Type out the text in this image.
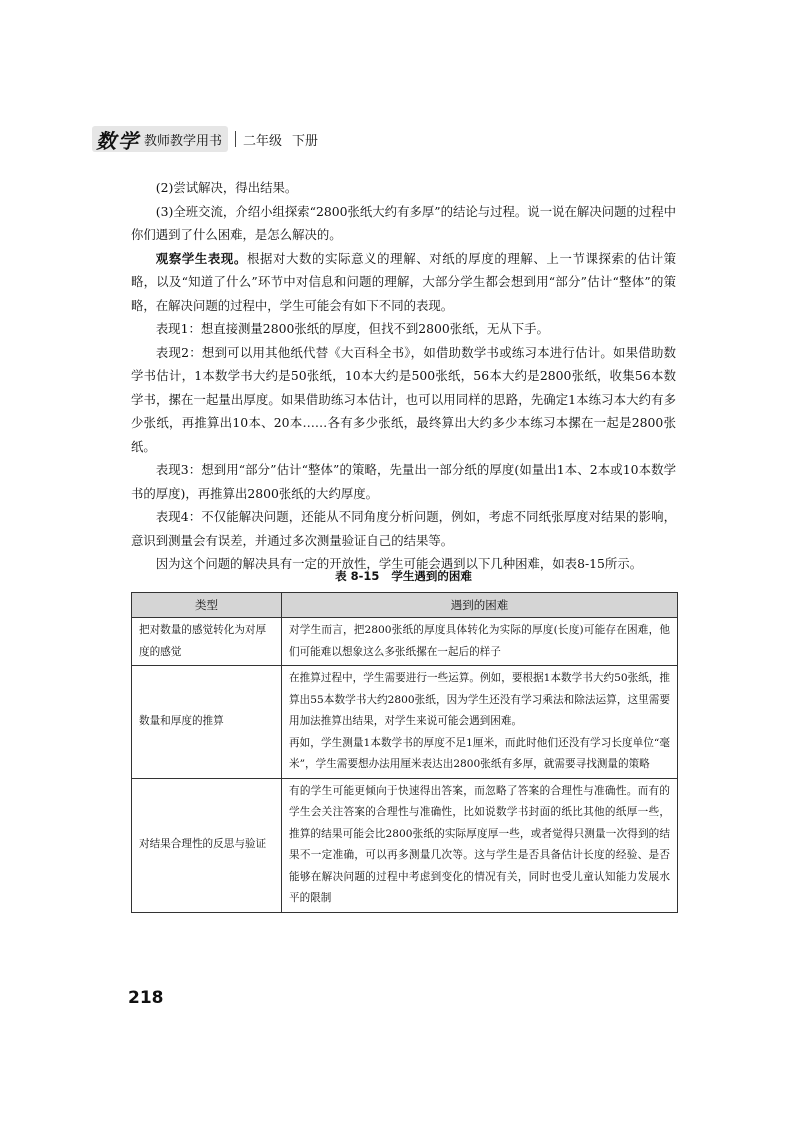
数 学 教师教学用书 二年级 下册

(2)尝试解决，得出结果。

(3)全班交流，介绍小组探索“2800张纸大约有多厚”的结论与过程。说一说在解决问题的过程中你们遇到了什么困难，是怎么解决的。

观察学生表现。根据对大数的实际意义的理解、对纸的厚度的理解、上一节课探索的估计策略，以及“知道了什么”环节中对信息和问题的理解，大部分学生都会想到用“部分”估计“整体”的策略，在解决问题的过程中，学生可能会有如下不同的表现。

表现1：想直接测量2800张纸的厚度，但找不到2800张纸，无从下手。

表现2：想到可以用其他纸代替《大百科全书》，如借助数学书或练习本进行估计。如果借助数学书估计，1本数学书大约是50张纸，10本大约是500张纸，56本大约是2800张纸，收集56本数学书，摞在一起量出厚度。如果借助练习本估计，也可以用同样的思路，先确定1本练习本大约有多少张纸，再推算出10本、20本……各有多少张纸，最终算出大约多少本练习本摞在一起是2800张纸。

表现3：想到用“部分”估计“整体”的策略，先量出一部分纸的厚度(如量出1本、2本或10本数学书的厚度)，再推算出2800张纸的大约厚度。

表现4：不仅能解决问题，还能从不同角度分析问题，例如，考虑不同纸张厚度对结果的影响，意识到测量会有误差，并通过多次测量验证自己的结果等。

因为这个问题的解决具有一定的开放性，学生可能会遇到以下几种困难，如表8-15所示。

表 8-15 学生遇到的困难
类型	遇到的困难
把对数量的感觉转化为对厚度的感觉	对学生而言，把2800张纸的厚度具体转化为实际的厚度(长度)可能存在困难，他们可能难以想象这么多张纸摞在一起后的样子

数量和厚度的推算	在推算过程中，学生需要进行一些运算。例如，要根据1本数学书大约50张纸，推算出55本数学书大约2800张纸，因为学生还没有学习乘法和除法运算，这里需要用加法推算出结果，对学生来说可能会遇到困难。

再如，学生测量1本数学书的厚度不足1厘米，而此时他们还没有学习长度单位“毫米”，学生需要想办法用厘米表达出2800张纸有多厚，就需要寻找测量的策略

对结果合理性的反思与验证	有的学生可能更倾向于快速得出答案，而忽略了答案的合理性与准确性。而有的学生会关注答案的合理性与准确性，比如说数学书封面的纸比其他的纸厚一些，推算的结果可能会比2800张纸的实际厚度厚一些，或者觉得只测量一次得到的结果不一定准确，可以再多测量几次等。这与学生是否具备估计长度的经验、是否能够在解决问题的过程中考虑到变化的情况有关，同时也受儿童认知能力发展水平的限制

218
